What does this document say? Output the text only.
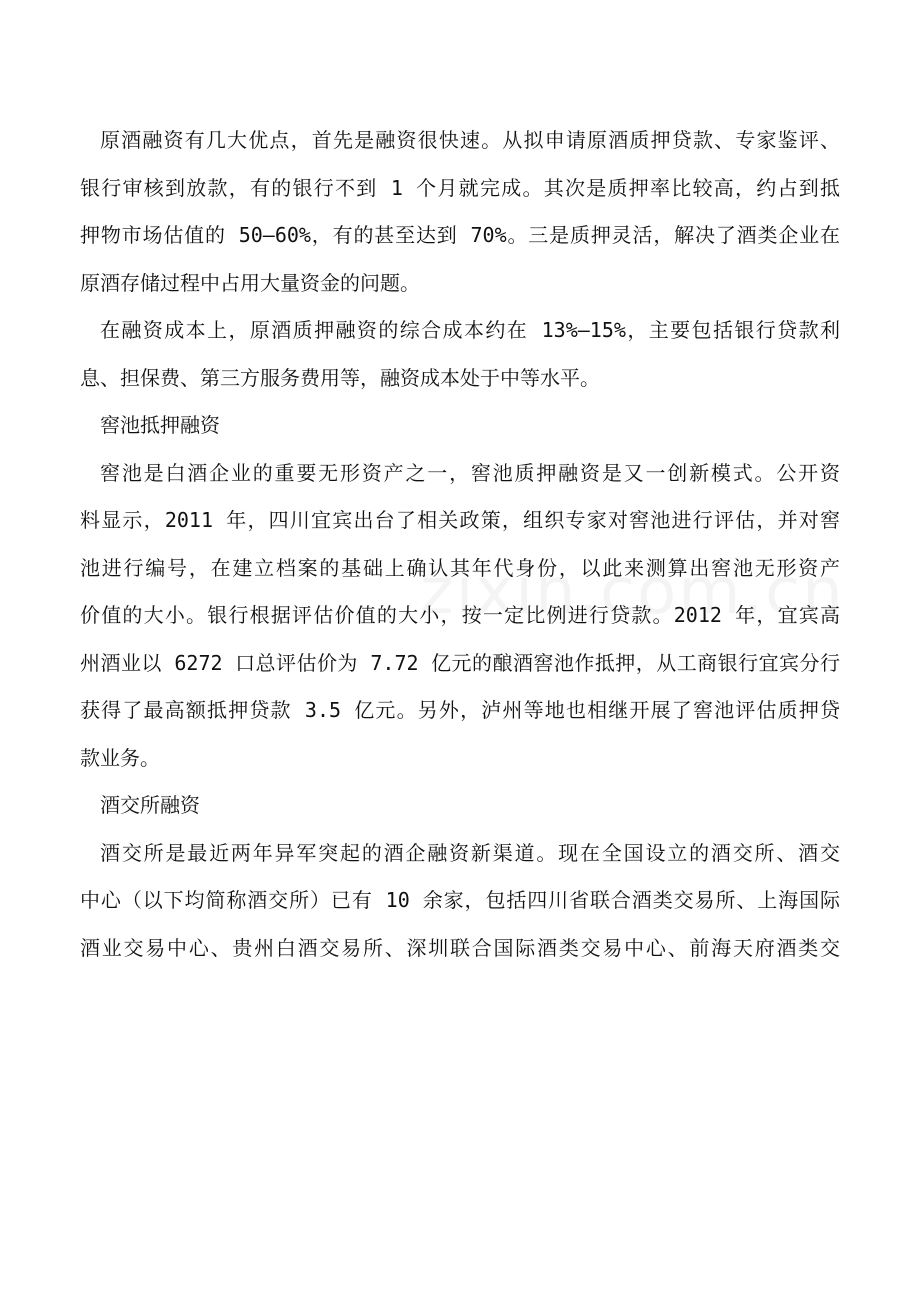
原酒融资有几大优点，首先是融资很快速。从拟申请原酒质押贷款、专家鉴评、
银行审核到放款，有的银行不到 1 个月就完成。其次是质押率比较高，约占到抵
押物市场估值的 50—60%，有的甚至达到 70%。三是质押灵活，解决了酒类企业在
原酒存储过程中占用大量资金的问题。
在融资成本上，原酒质押融资的综合成本约在 13%—15%，主要包括银行贷款利
息、担保费、第三方服务费用等，融资成本处于中等水平。
窖池抵押融资
窖池是白酒企业的重要无形资产之一，窖池质押融资是又一创新模式。公开资
料显示，2011 年，四川宜宾出台了相关政策，组织专家对窖池进行评估，并对窖
池进行编号，在建立档案的基础上确认其年代身份，以此来测算出窖池无形资产
价值的大小。银行根据评估价值的大小，按一定比例进行贷款。2012 年，宜宾高
州酒业以 6272 口总评估价为 7.72 亿元的酿酒窖池作抵押，从工商银行宜宾分行
获得了最高额抵押贷款 3.5 亿元。另外，泸州等地也相继开展了窖池评估质押贷
款业务。
酒交所融资
酒交所是最近两年异军突起的酒企融资新渠道。现在全国设立的酒交所、酒交
中心（以下均简称酒交所）已有 10 余家，包括四川省联合酒类交易所、上海国际
酒业交易中心、贵州白酒交易所、深圳联合国际酒类交易中心、前海天府酒类交
